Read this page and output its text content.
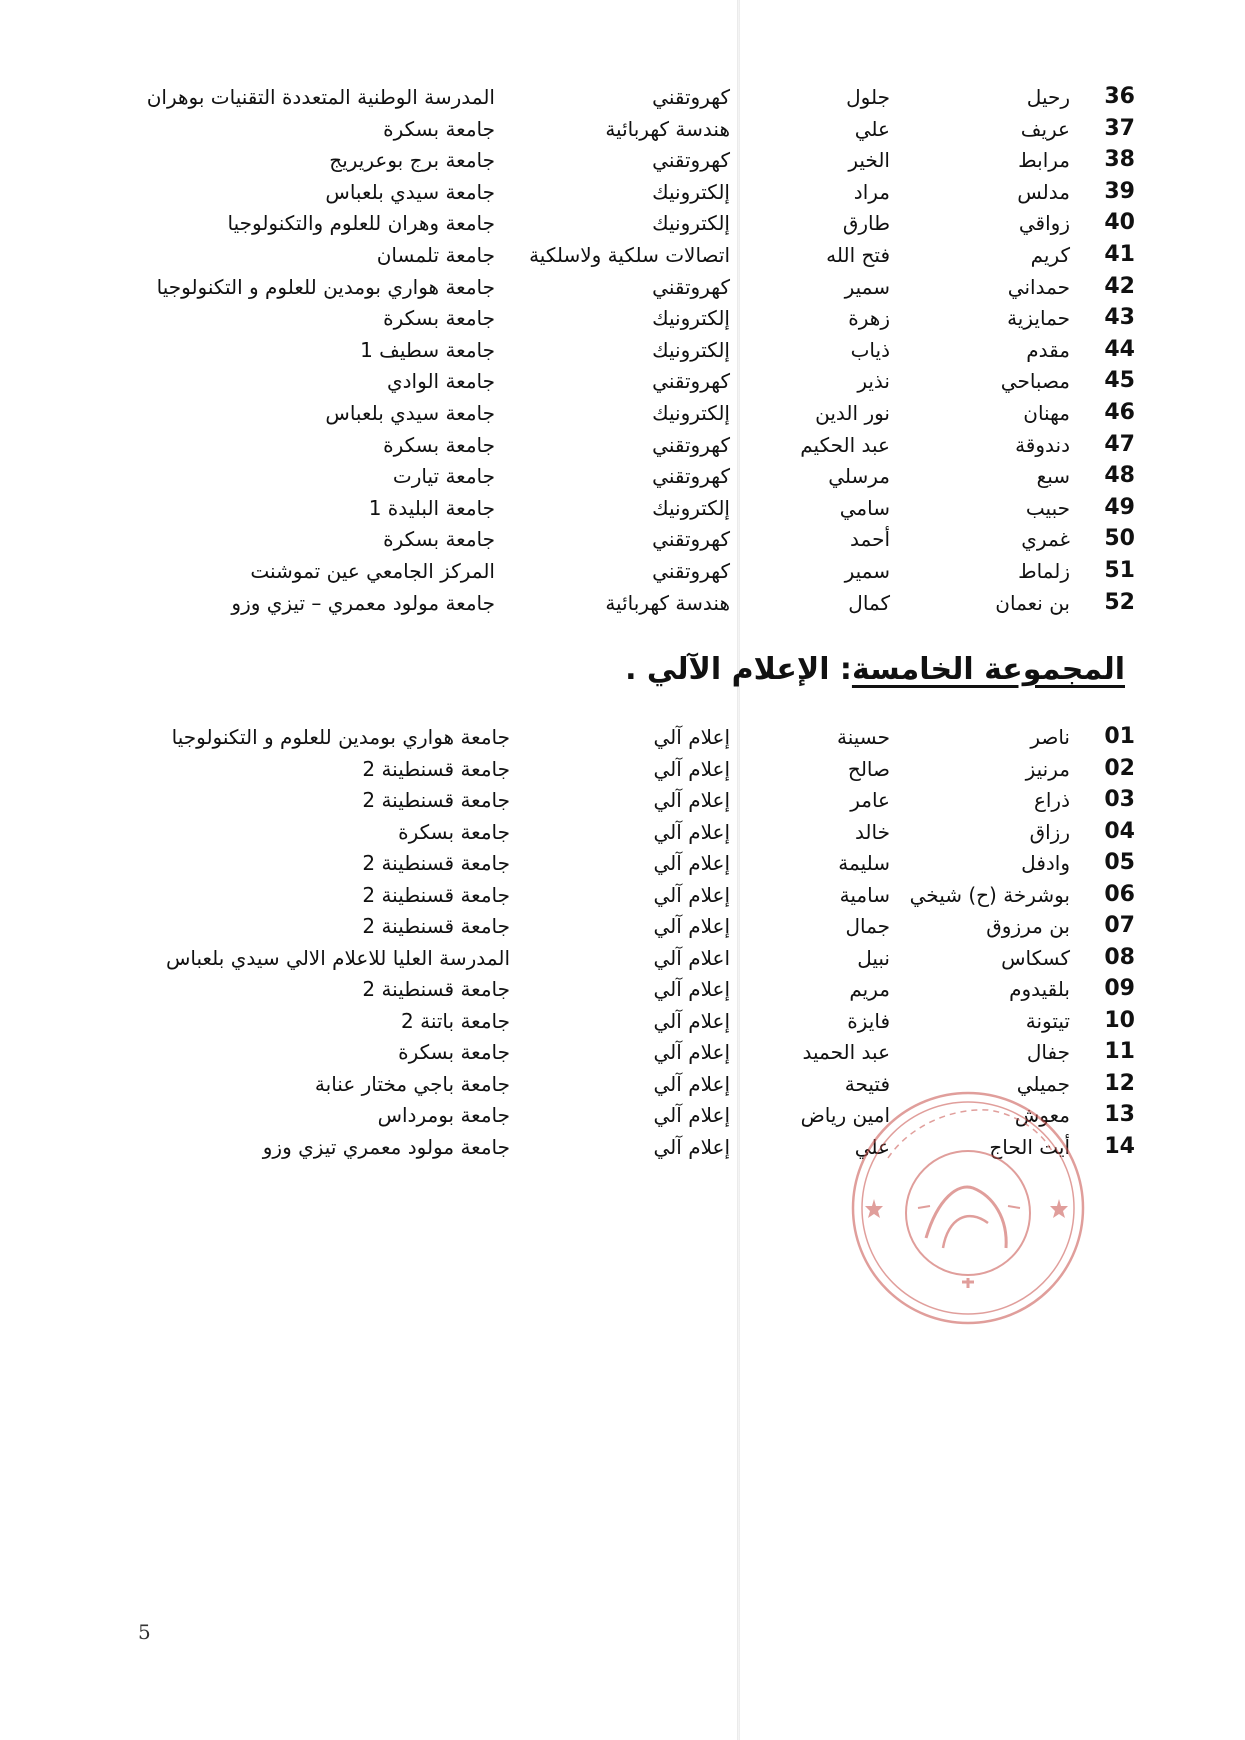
36
رحيل
جلول
كهروتقني
المدرسة الوطنية المتعددة التقنيات بوهران
37
عريف
علي
هندسة كهربائية
جامعة بسكرة
38
مرابط
الخير
كهروتقني
جامعة برج بوعريريج
39
مدلس
مراد
إلكترونيك
جامعة سيدي بلعباس
40
زواقي
طارق
إلكترونيك
جامعة وهران للعلوم والتكنولوجيا
41
كريم
فتح الله
اتصالات سلكية ولاسلكية
جامعة تلمسان
42
حمداني
سمير
كهروتقني
جامعة هواري بومدين للعلوم و التكنولوجيا
43
حمايزية
زهرة
إلكترونيك
جامعة بسكرة
44
مقدم
ذياب
إلكترونيك
جامعة سطيف 1
45
مصباحي
نذير
كهروتقني
جامعة الوادي
46
مهنان
نور الدين
إلكترونيك
جامعة سيدي بلعباس
47
دندوقة
عبد الحكيم
كهروتقني
جامعة بسكرة
48
سبع
مرسلي
كهروتقني
جامعة تيارت
49
حبيب
سامي
إلكترونيك
جامعة البليدة 1
50
غمري
أحمد
كهروتقني
جامعة بسكرة
51
زلماط
سمير
كهروتقني
المركز الجامعي عين تموشنت
52
بن نعمان
كمال
هندسة كهربائية
جامعة مولود معمري – تيزي وزو
المجموعة الخامسة: الإعلام الآلي .
01
ناصر
حسينة
إعلام آلي
جامعة هواري بومدين للعلوم و التكنولوجيا
02
مرنيز
صالح
إعلام آلي
جامعة قسنطينة 2
03
ذراع
عامر
إعلام آلي
جامعة قسنطينة 2
04
رزاق
خالد
إعلام آلي
جامعة بسكرة
05
وادفل
سليمة
إعلام آلي
جامعة قسنطينة 2
06
بوشرخة (ح) شيخي
سامية
إعلام آلي
جامعة قسنطينة 2
07
بن مرزوق
جمال
إعلام آلي
جامعة قسنطينة 2
08
كسكاس
نبيل
اعلام آلي
المدرسة العليا للاعلام الالي سيدي بلعباس
09
بلقيدوم
مريم
إعلام آلي
جامعة قسنطينة 2
10
تيتونة
فايزة
إعلام آلي
جامعة باتنة 2
11
جفال
عبد الحميد
إعلام آلي
جامعة بسكرة
12
جميلي
فتيحة
إعلام آلي
جامعة باجي مختار عنابة
13
معوش
امين رياض
إعلام آلي
جامعة بومرداس
14
أيت الحاج
علي
إعلام آلي
جامعة مولود معمري تيزي وزو
5
